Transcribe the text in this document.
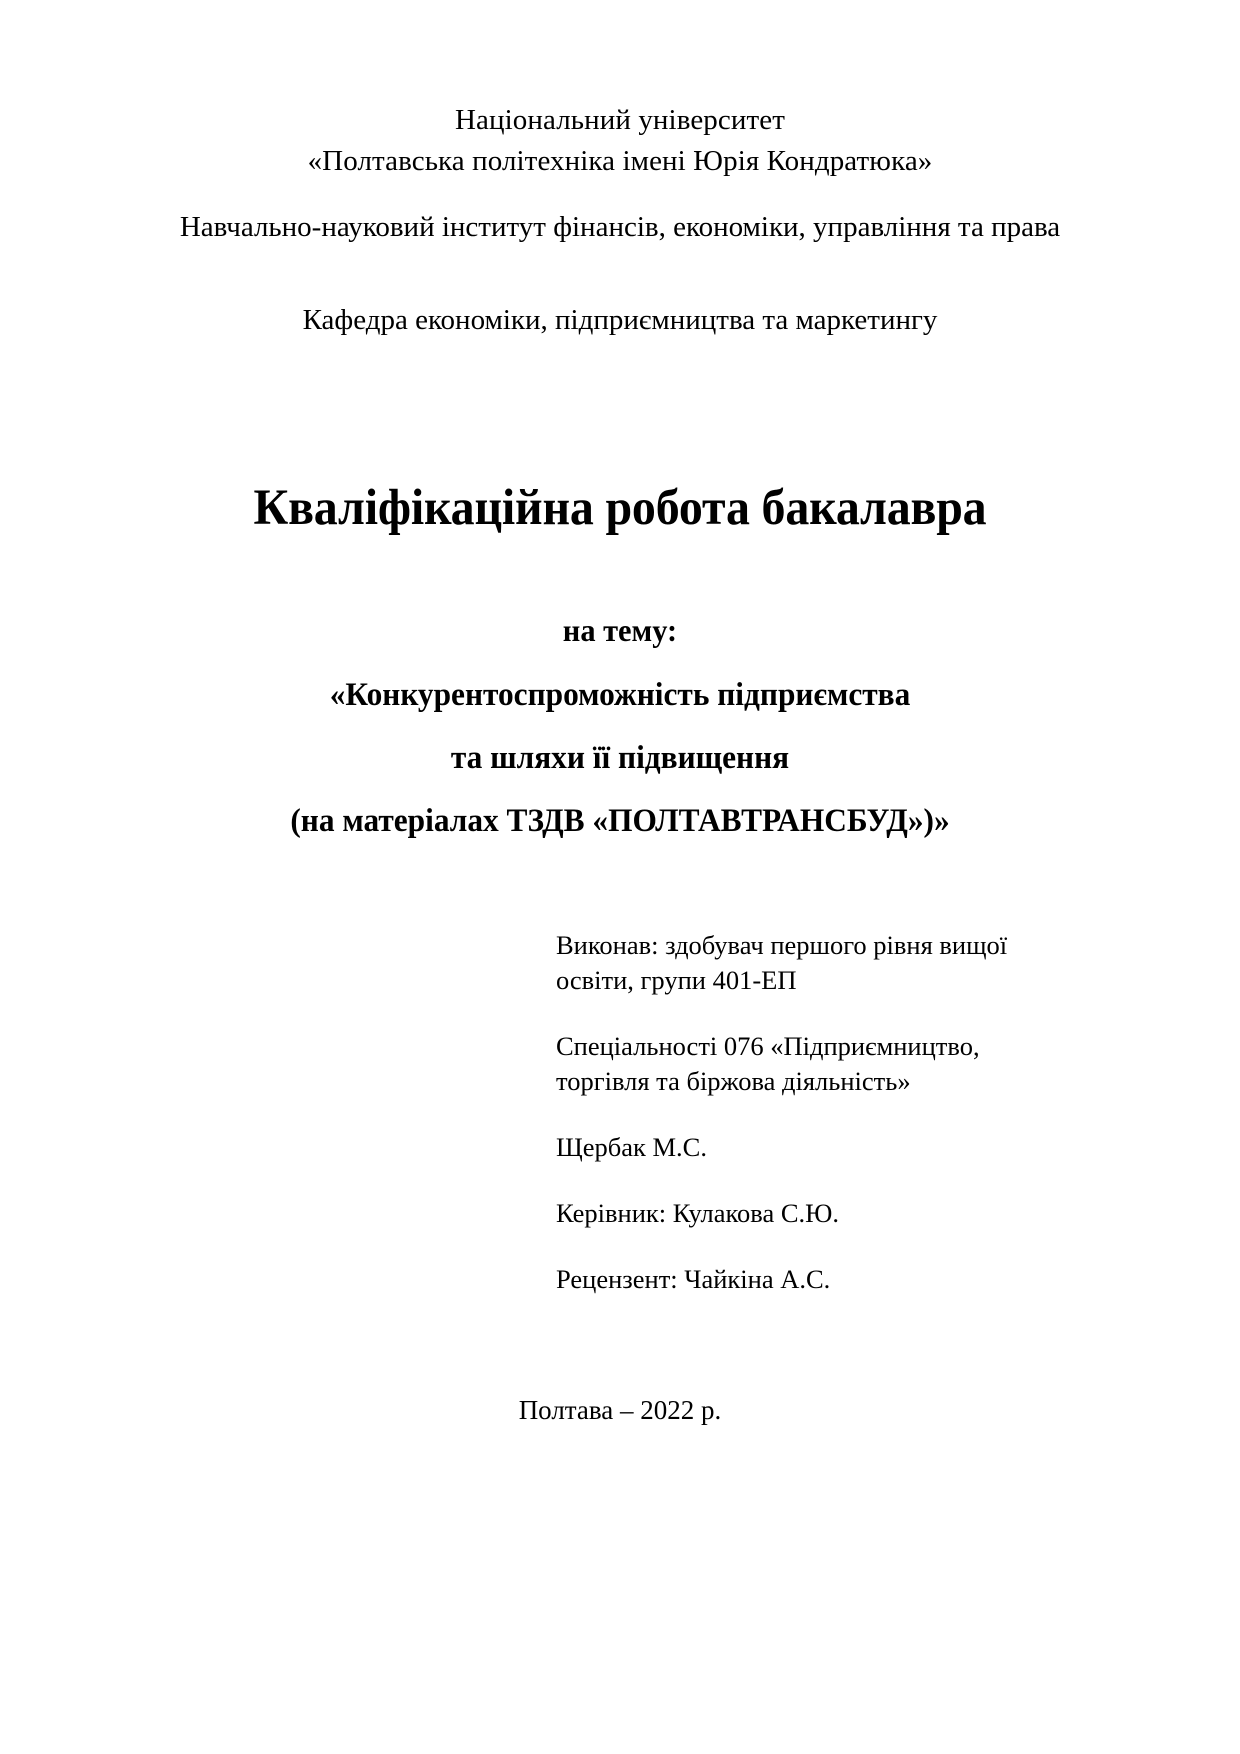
Національний університет
«Полтавська політехніка імені Юрія Кондратюка»
Навчально-науковий інститут фінансів, економіки, управління та права
Кафедра економіки, підприємництва та маркетингу
Кваліфікаційна робота бакалавра
на тему:
«Конкурентоспроможність підприємства
та шляхи її підвищення
(на матеріалах ТЗДВ «ПОЛТАВТРАНСБУД»)»

Виконав: здобувач першого рівня вищої
освіти, групи 401-ЕП

Спеціальності 076 «Підприємництво,
торгівля та біржова діяльність»

Щербак М.С.

Керівник: Кулакова С.Ю.

Рецензент: Чайкіна А.С.

Полтава – 2022 р.
